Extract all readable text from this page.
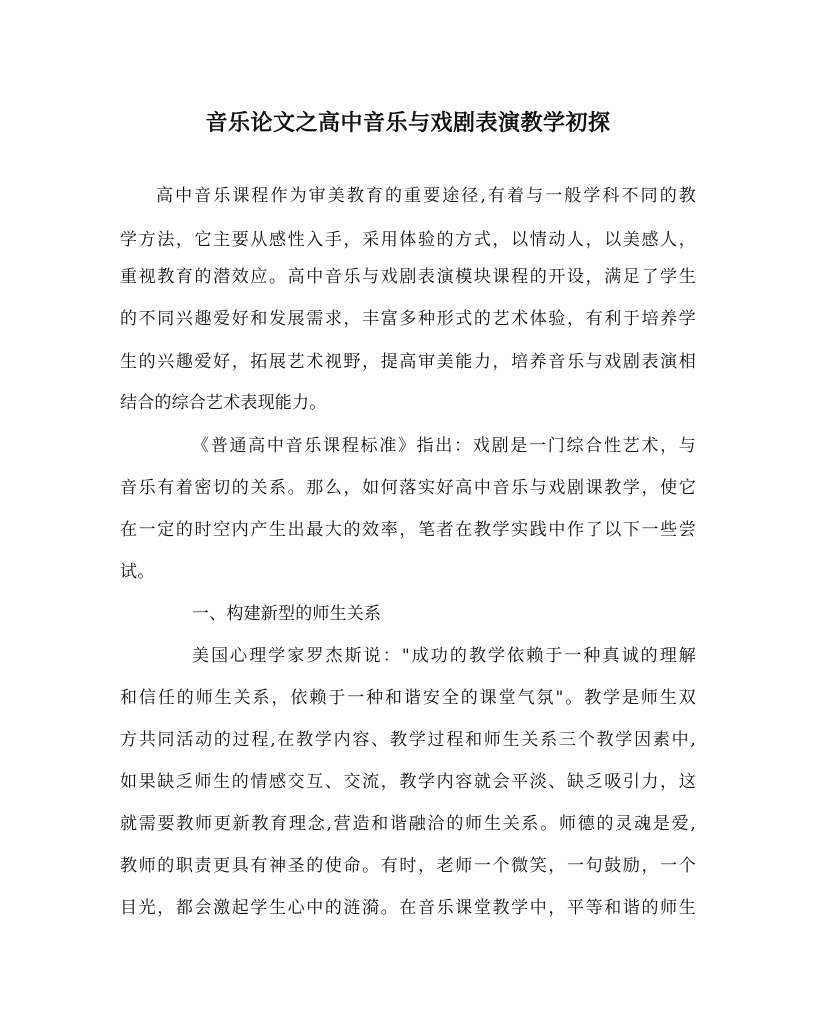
音乐论文之高中音乐与戏剧表演教学初探
高中音乐课程作为审美教育的重要途径,有着与一般学科不同的教
学方法，它主要从感性入手，采用体验的方式，以情动人，以美感人，
重视教育的潜效应。高中音乐与戏剧表演模块课程的开设，满足了学生
的不同兴趣爱好和发展需求，丰富多种形式的艺术体验，有利于培养学
生的兴趣爱好，拓展艺术视野，提高审美能力，培养音乐与戏剧表演相
结合的综合艺术表现能力。
《普通高中音乐课程标准》指出：戏剧是一门综合性艺术，与
音乐有着密切的关系。那么，如何落实好高中音乐与戏剧课教学，使它
在一定的时空内产生出最大的效率，笔者在教学实践中作了以下一些尝
试。
一、构建新型的师生关系
美国心理学家罗杰斯说："成功的教学依赖于一种真诚的理解
和信任的师生关系，依赖于一种和谐安全的课堂气氛"。教学是师生双
方共同活动的过程,在教学内容、教学过程和师生关系三个教学因素中,
如果缺乏师生的情感交互、交流，教学内容就会平淡、缺乏吸引力，这
就需要教师更新教育理念,营造和谐融洽的师生关系。师德的灵魂是爱,
教师的职责更具有神圣的使命。有时，老师一个微笑，一句鼓励，一个
目光，都会激起学生心中的涟漪。在音乐课堂教学中，平等和谐的师生
